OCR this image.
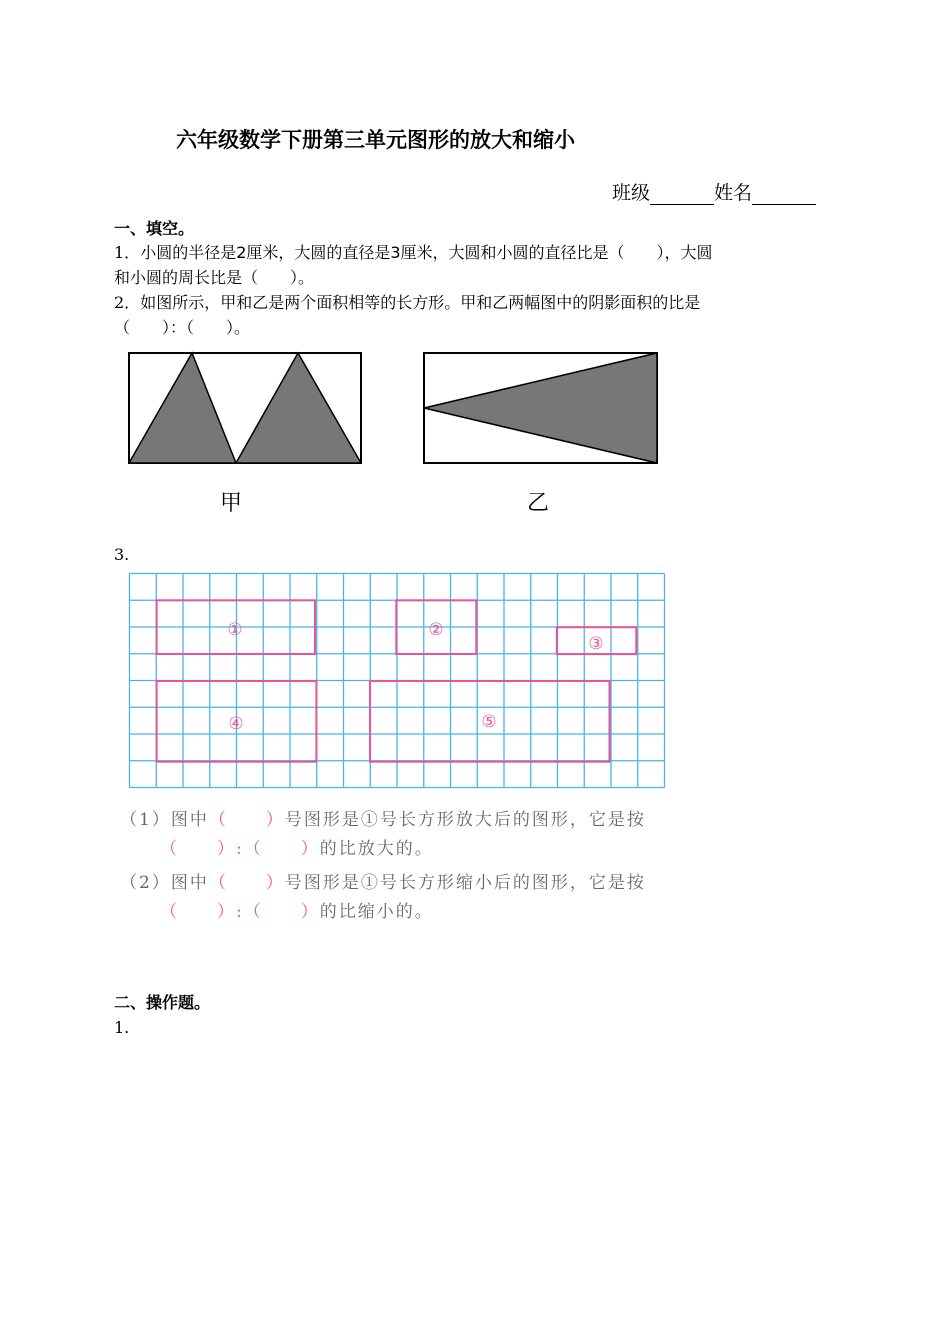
六年级数学下册第三单元图形的放大和缩小
班级	姓名
一、填空。
1．小圆的半径是2厘米，大圆的直径是3厘米，大圆和小圆的直径比是（　　），大圆
和小圆的周长比是（　　）。
2．如图所示，甲和乙是两个面积相等的长方形。甲和乙两幅图中的阴影面积的比是
（　　）：（　　）。
甲	乙
3.
①	②
③
④	⑤
（1）图中（　　）号图形是①号长方形放大后的图形，它是按
（　　）:（　　）的比放大的。
（2）图中（　　）号图形是①号长方形缩小后的图形，它是按
（　　）:（　　）的比缩小的。
二、操作题。
1.
